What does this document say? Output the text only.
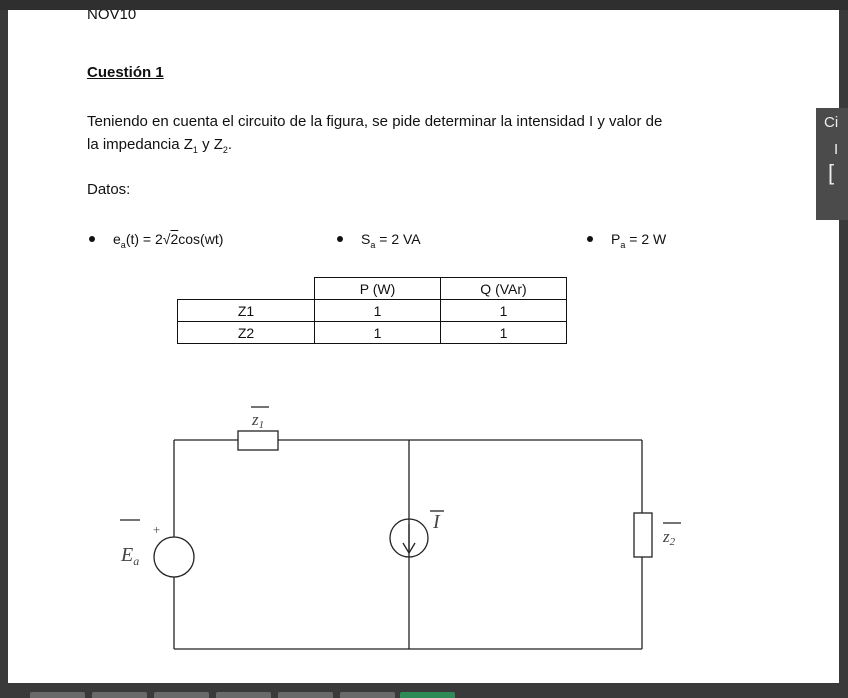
NOV10
Cuestión 1
Teniendo en cuenta el circuito de la figura, se pide determinar la intensidad I y valor de
la impedancia $Z_1$ y $Z_2$.
Datos:
$e_a(t) = 2√2\cos(wt)$	$S_a = 2$ VA	$P_a = 2$ W
	P (W)	Q (VAr)
Z1	1	1
Z2	1	1
z1
z2
$E_a$
I
+
Ci
I
[
